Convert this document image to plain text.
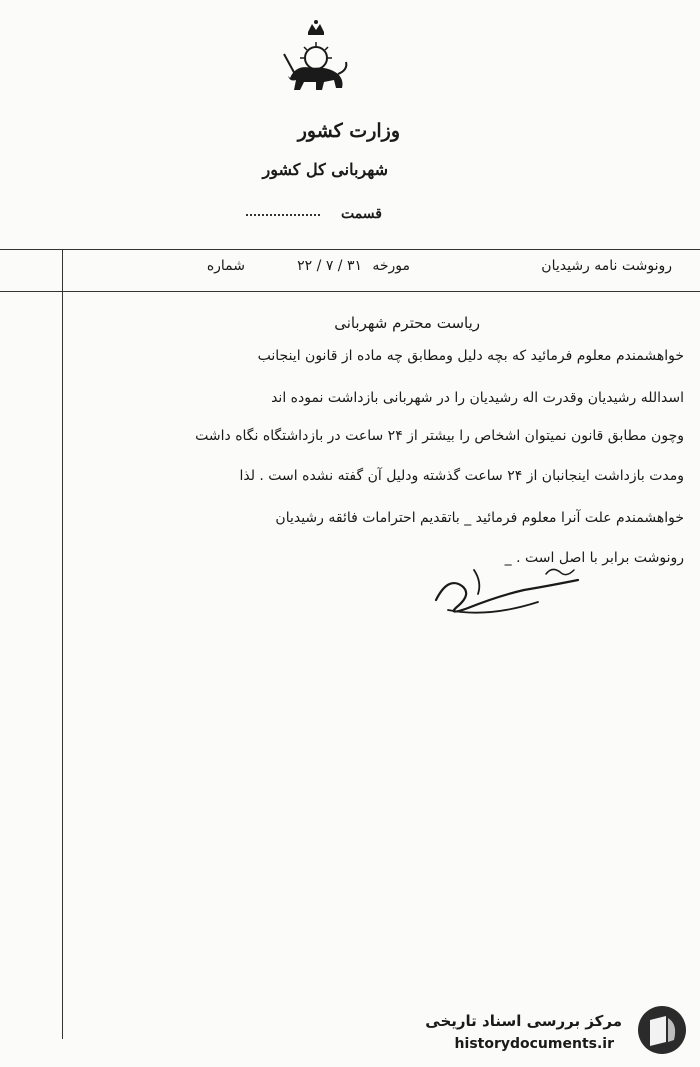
وزارت کشور
شهربانی کل کشور
قسمت
رونوشت نامه رشیدیان
مورخه
۲۲ / ۷ / ۳۱
شماره
ریاست محترم شهربانی
خواهشمندم معلوم فرمائید که بچه دلیل ومطابق چه ماده از قانون اینجانب
اسدالله رشیدیان وقدرت اله رشیدیان را در شهربانی بازداشت نموده اند
وچون مطابق قانون نمیتوان اشخاص را بیشتر از ۲۴ ساعت در بازداشتگاه نگاه داشت
ومدت بازداشت اینجانبان از ۲۴ ساعت گذشته ودلیل آن گفته نشده است . لذا
خواهشمندم علت آنرا معلوم فرمائید _ باتقدیم احترامات فائقه رشیدیان
رونوشت برابر با اصل است . _
مرکز بررسی اسناد تاریخی
historydocuments.ir
